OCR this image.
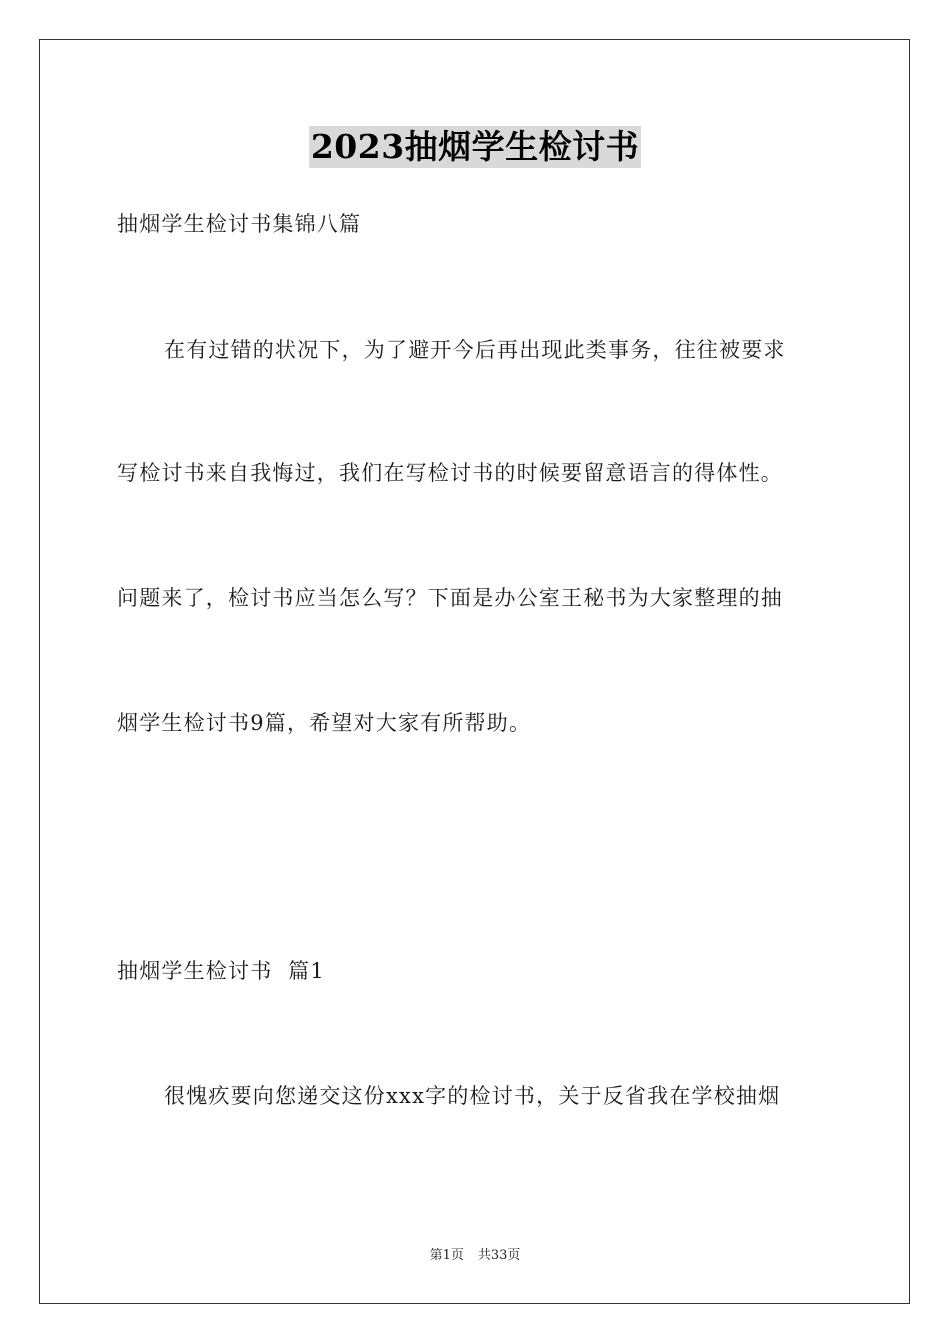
2023抽烟学生检讨书
抽烟学生检讨书集锦八篇
在有过错的状况下，为了避开今后再出现此类事务，往往被要求
写检讨书来自我悔过，我们在写检讨书的时候要留意语言的得体性。
问题来了，检讨书应当怎么写？下面是办公室王秘书为大家整理的抽
烟学生检讨书9篇，希望对大家有所帮助。
抽烟学生检讨书  篇1
很愧疚要向您递交这份xxx字的检讨书，关于反省我在学校抽烟
第1页 共33页
